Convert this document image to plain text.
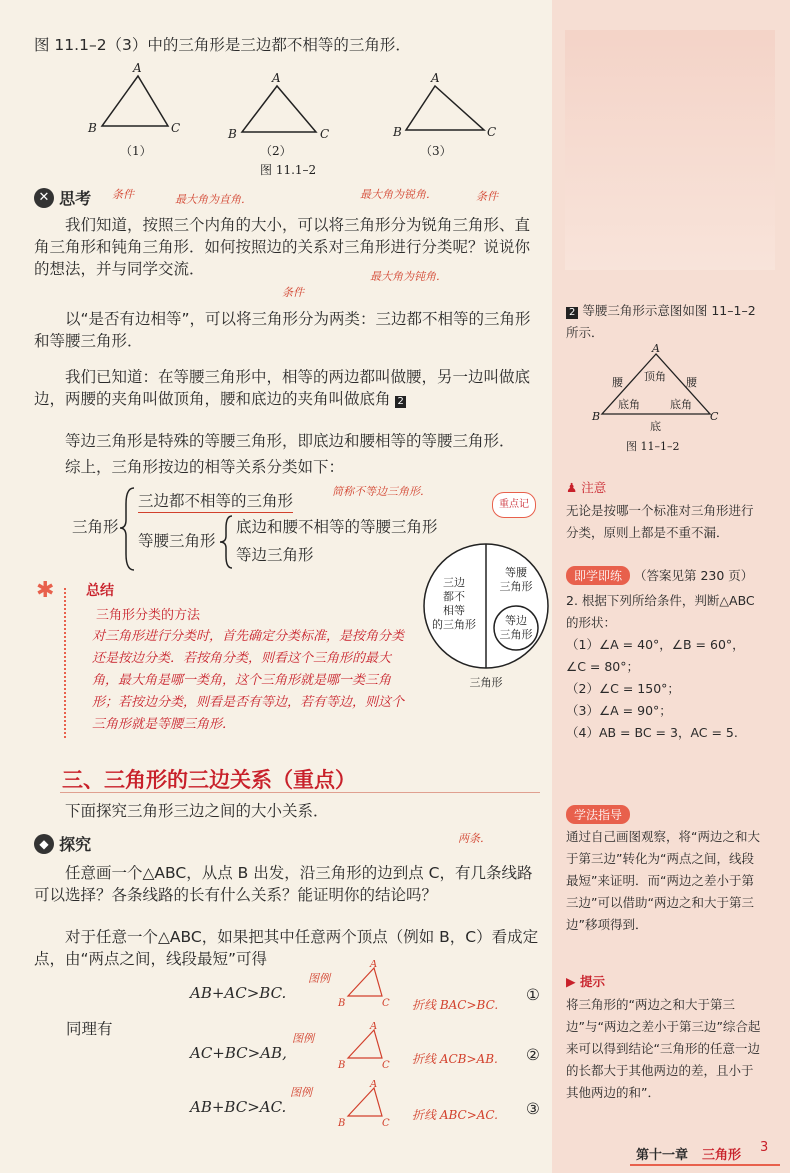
图 11.1–2（3）中的三角形是三边都不相等的三角形．
A
B	C
A
B	C
A
B	C
（1）	（2）	（3）
图 11.1–2
✕ 思考 条件	最大角为直角．	最大角为锐角．	条件
我们知道，按照三个内角的大小，可以将三角形分为锐角三角形、直角三角形和钝角三角形．如何按照边的关系对三角形进行分类呢？说说你的想法，并与同学交流．	最大角为钝角．
条件
以“是否有边相等”，可以将三角形分为两类：三边都不相等的三角形和等腰三角形．
我们已知道：在等腰三角形中，相等的两边都叫做腰，另一边叫做底边，两腰的夹角叫做顶角，腰和底边的夹角叫做底角 2
等边三角形是特殊的等腰三角形，即底边和腰相等的等腰三角形．
综上，三角形按边的相等关系分类如下：
三角形
三边都不相等的三角形
简称不等边三角形．
重点记
等腰三角形
底边和腰不相等的等腰三角形
等边三角形
三边
都不
相等
的三角形
等腰
三角形
等边
三角形
三角形
✱ 总结
三角形分类的方法
对三角形进行分类时，首先确定分类标准，是按角分类还是按边分类．若按角分类，则看这个三角形的最大角，最大角是哪一类角，这个三角形就是哪一类三角形；若按边分类，则看是否有等边，若有等边，则这个三角形就是等腰三角形．
三、三角形的三边关系（重点）
下面探究三角形三边之间的大小关系．
◆ 探究	两条．
任意画一个△ABC，从点 B 出发，沿三角形的边到点 C，有几条线路可以选择？各条线路的长有什么关系？能证明你的结论吗？
对于任意一个△ABC，如果把其中任意两个顶点（例如 B，C）看成定点，由“两点之间，线段最短”可得
AB+AC>BC.
图例
A
B	C 折线 BAC>BC.
①
同理有
AC+BC>AB,
图例
A
B	C 折线 ACB>AB. ②
AB+BC>AC.
图例
A
B	C
折线 ABC>AC. ③
2 等腰三角形示意图如图 11–1–2 所示．
A
B	C
腰	腰
顶角
底角	底角
底
图 11–1–2
♟ 注意
无论是按哪一个标准对三角形进行分类，原则上都是不重不漏．
即学即练 （答案见第 230 页）
2. 根据下列所给条件，判断△ABC 的形状：
（1）∠A = 40°，∠B = 60°，∠C = 80°；
（2）∠C = 150°；
（3）∠A = 90°；
（4）AB = BC = 3，AC = 5.
学法指导
通过自己画图观察，将“两边之和大于第三边”转化为“两点之间，线段最短”来证明．而“两边之差小于第三边”可以借助“两边之和大于第三边”移项得到．
▶ 提示
将三角形的“两边之和大于第三边”与“两边之差小于第三边”综合起来可以得到结论“三角形的任意一边的长都大于其他两边的差，且小于其他两边的和”．
第十一章 三角形
3
